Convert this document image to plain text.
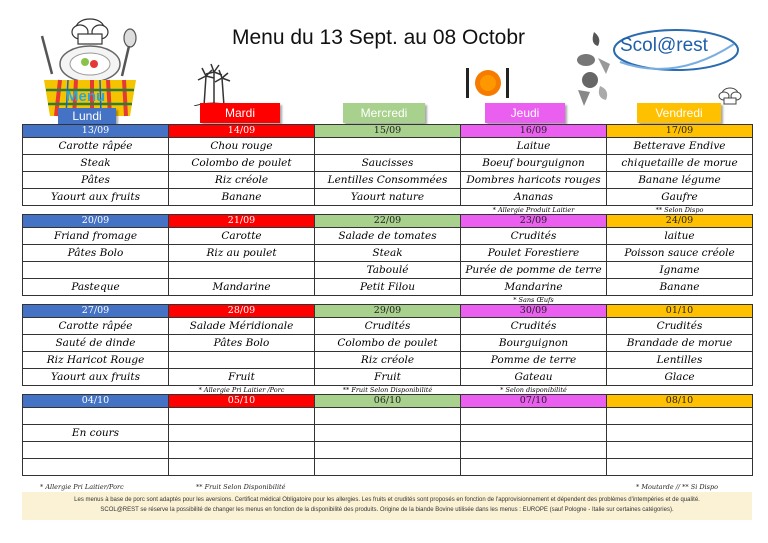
Menu du 13 Sept. au 08 Octobr
Menu
Scol@rest
Lundi	Mardi	Mercredi	Jeudi	Vendredi
13/09	14/09	15/09	16/09	17/09
Carotte râpée	Chou rouge		Laitue	Betterave Endive
Steak	Colombo de poulet	Saucisses	Boeuf bourguignon	chiquetaille de morue
Pâtes	Riz créole	Lentilles Consommées	Dombres haricots rouges	Banane légume
Yaourt aux fruits	Banane	Yaourt nature	Ananas	Gaufre
			* Allergie Produit Laitier	** Selon Dispo
20/09	21/09	22/09	23/09	24/09
Friand fromage	Carotte	Salade de tomates	Crudités	laitue
Pâtes Bolo	Riz au poulet	Steak	Poulet Forestiere	Poisson sauce créole
		Taboulé	Purée de pomme de terre	Igname
Pasteque	Mandarine	Petit Filou	Mandarine	Banane
			* Sans Œufs	
27/09	28/09	29/09	30/09	01/10
Carotte râpée	Salade Méridionale	Crudités	Crudités	Crudités
Sauté de dinde	Pâtes Bolo	Colombo de poulet	Bourguignon	Brandade de morue
Riz Haricot Rouge		Riz créole	Pomme de terre	Lentilles
Yaourt aux fruits	Fruit	Fruit	Gateau	Glace
	* Allergie Pri Laitier /Porc	** Fruit Selon Disponibilité	* Selon disponibilité	
04/10	05/10	06/10	07/10	08/10

En cours				

* Allergie Pri Laitier/Porc	** Fruit Selon Disponibilité	* Moutarde // ** Si Dispo
Les menus à base de porc sont adaptés pour les aversions. Certificat médical Obligatoire pour les allergies. Les fruits et crudités sont proposés en fonction de l'approvisionnement et dépendent des problèmes d'intempéries et de qualité.
SCOL@REST se réserve la possibilité de changer les menus en fonction de la disponibilité des produits. Origine de la biande Bovine utilisée dans les menus : EUROPE (sauf Pologne - Italie sur certaines catégories).
